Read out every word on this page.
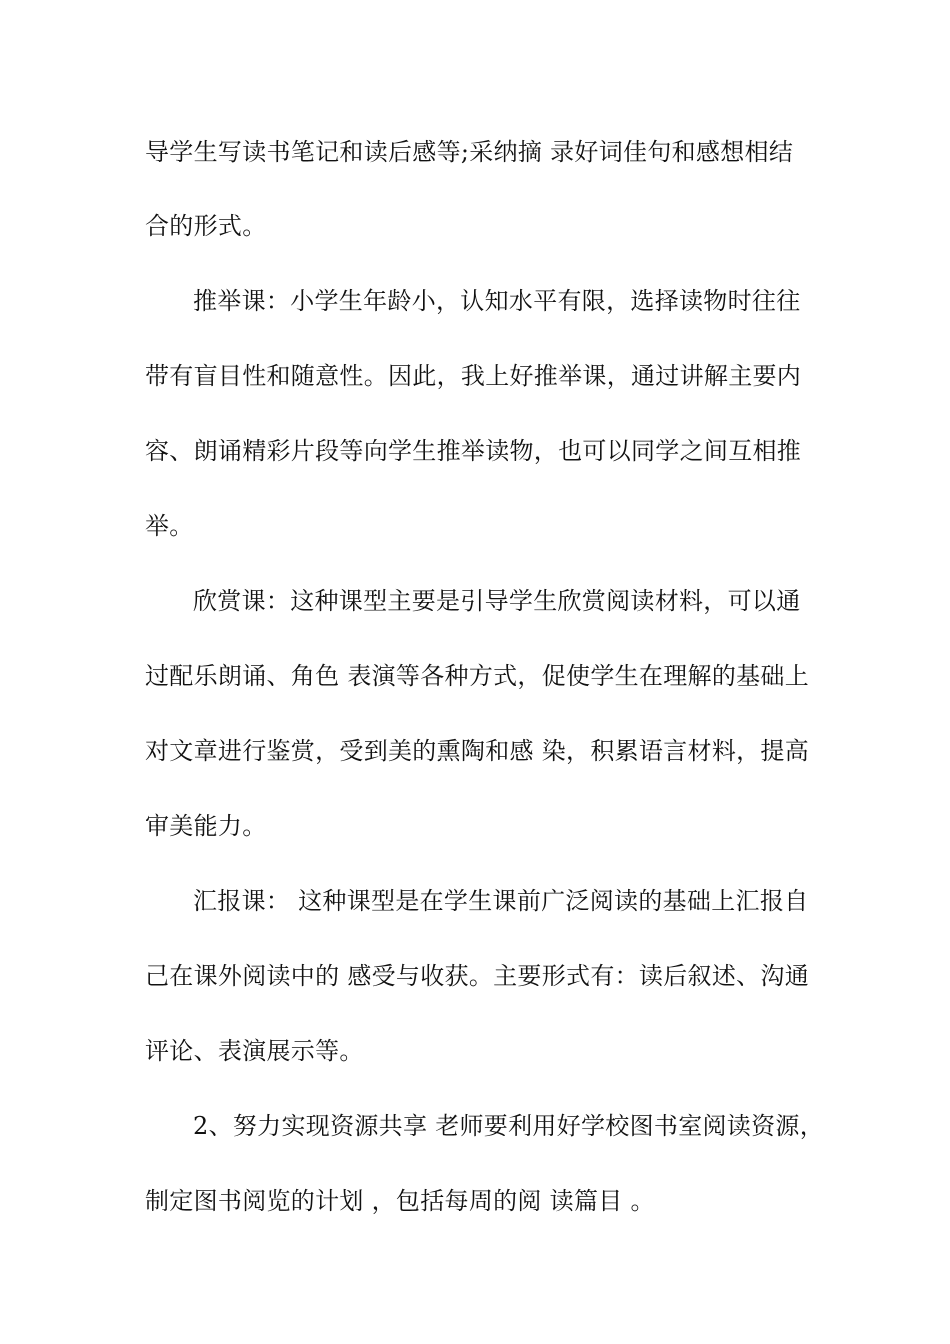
导学生写读书笔记和读后感等;采纳摘 录好词佳句和感想相结
合的形式。
推举课：小学生年龄小，认知水平有限，选择读物时往往
带有盲目性和随意性。因此，我上好推举课，通过讲解主要内
容、朗诵精彩片段等向学生推举读物，也可以同学之间互相推
举。
欣赏课：这种课型主要是引导学生欣赏阅读材料，可以通
过配乐朗诵、角色 表演等各种方式，促使学生在理解的基础上
对文章进行鉴赏，受到美的熏陶和感 染，积累语言材料，提高
审美能力。
汇报课： 这种课型是在学生课前广泛阅读的基础上汇报自
己在课外阅读中的 感受与收获。主要形式有：读后叙述、沟通
评论、表演展示等。
2、努力实现资源共享 老师要利用好学校图书室阅读资源，
制定图书阅览的计划 ，包括每周的阅 读篇目 。
